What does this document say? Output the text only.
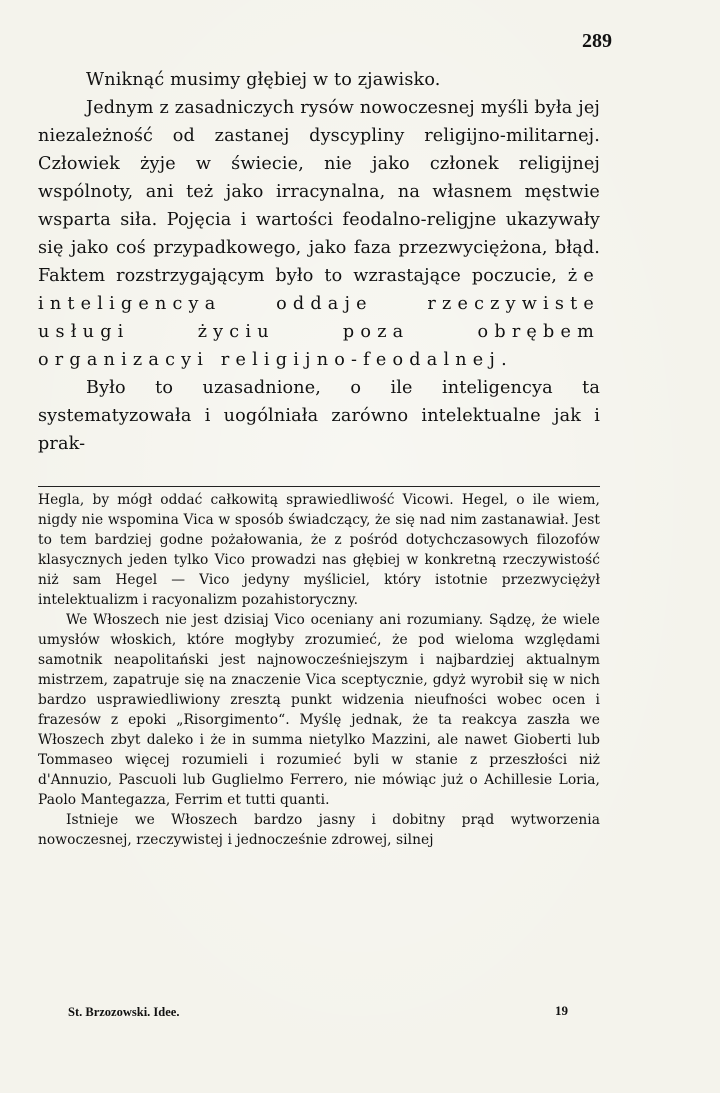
289

Wniknąć musimy głębiej w to zjawisko.

Jednym z zasadniczych rysów nowoczesnej myśli była jej niezależność od zastanej dyscypliny religijno-militarnej. Człowiek żyje w świecie, nie jako członek religijnej wspólnoty, ani też jako irracynalna, na własnem męstwie wsparta siła. Pojęcia i wartości feodalno-religjne ukazywały się jako coś przypadkowego, jako faza przezwyciężona, błąd. Faktem rozstrzygającym było to wzrastające poczucie, że inteligencya oddaje rzeczywiste usługi życiu poza obrębem organizacyi religijno-feodalnej.

Było to uzasadnione, o ile inteligencya ta systematyzowała i uogólniała zarówno intelektualne jak i prak-

Hegla, by mógł oddać całkowitą sprawiedliwość Vicowi. Hegel, o ile wiem, nigdy nie wspomina Vica w sposób świadczący, że się nad nim zastanawiał. Jest to tem bardziej godne pożałowania, że z pośród dotychczasowych filozofów klasycznych jeden tylko Vico prowadzi nas głębiej w konkretną rzeczywistość niż sam Hegel — Vico jedyny myśliciel, który istotnie przezwyciężył intelektualizm i racyonalizm pozahistoryczny.

We Włoszech nie jest dzisiaj Vico oceniany ani rozumiany. Sądzę, że wiele umysłów włoskich, które mogłyby zrozumieć, że pod wieloma względami samotnik neapolitański jest najnowocześniejszym i najbardziej aktualnym mistrzem, zapatruje się na znaczenie Vica sceptycznie, gdyż wyrobił się w nich bardzo usprawiedliwiony zresztą punkt widzenia nieufności wobec ocen i frazesów z epoki „Risorgimento“. Myślę jednak, że ta reakcya zaszła we Włoszech zbyt daleko i że in summa nietylko Mazzini, ale nawet Gioberti lub Tommaseo więcej rozumieli i rozumieć byli w stanie z przeszłości niż d'Annuzio, Pascuoli lub Guglielmo Ferrero, nie mówiąc już o Achillesie Loria, Paolo Mantegazza, Ferrim et tutti quanti.

Istnieje we Włoszech bardzo jasny i dobitny prąd wytworzenia nowoczesnej, rzeczywistej i jednocześnie zdrowej, silnej

St. Brzozowski. Idee.	19
